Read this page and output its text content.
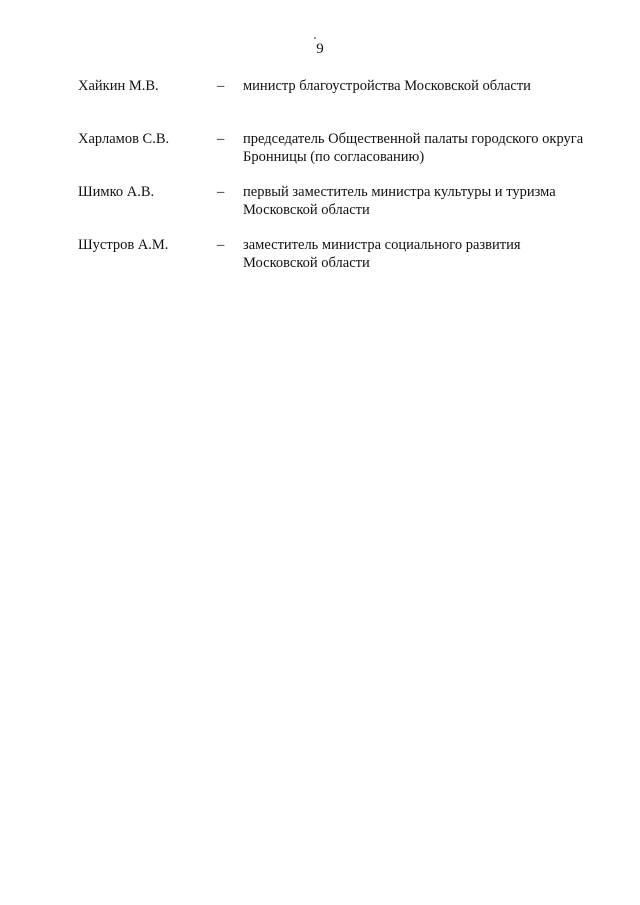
9
Хайкин М.В.	– министр благоустройства Московской области
Харламов С.В.	– председатель Общественной палаты городского округа
Бронницы (по согласованию)
Шимко А.В.	– первый заместитель министра культуры и туризма
Московской области
Шустров А.М.	– заместитель министра социального развития
Московской области
